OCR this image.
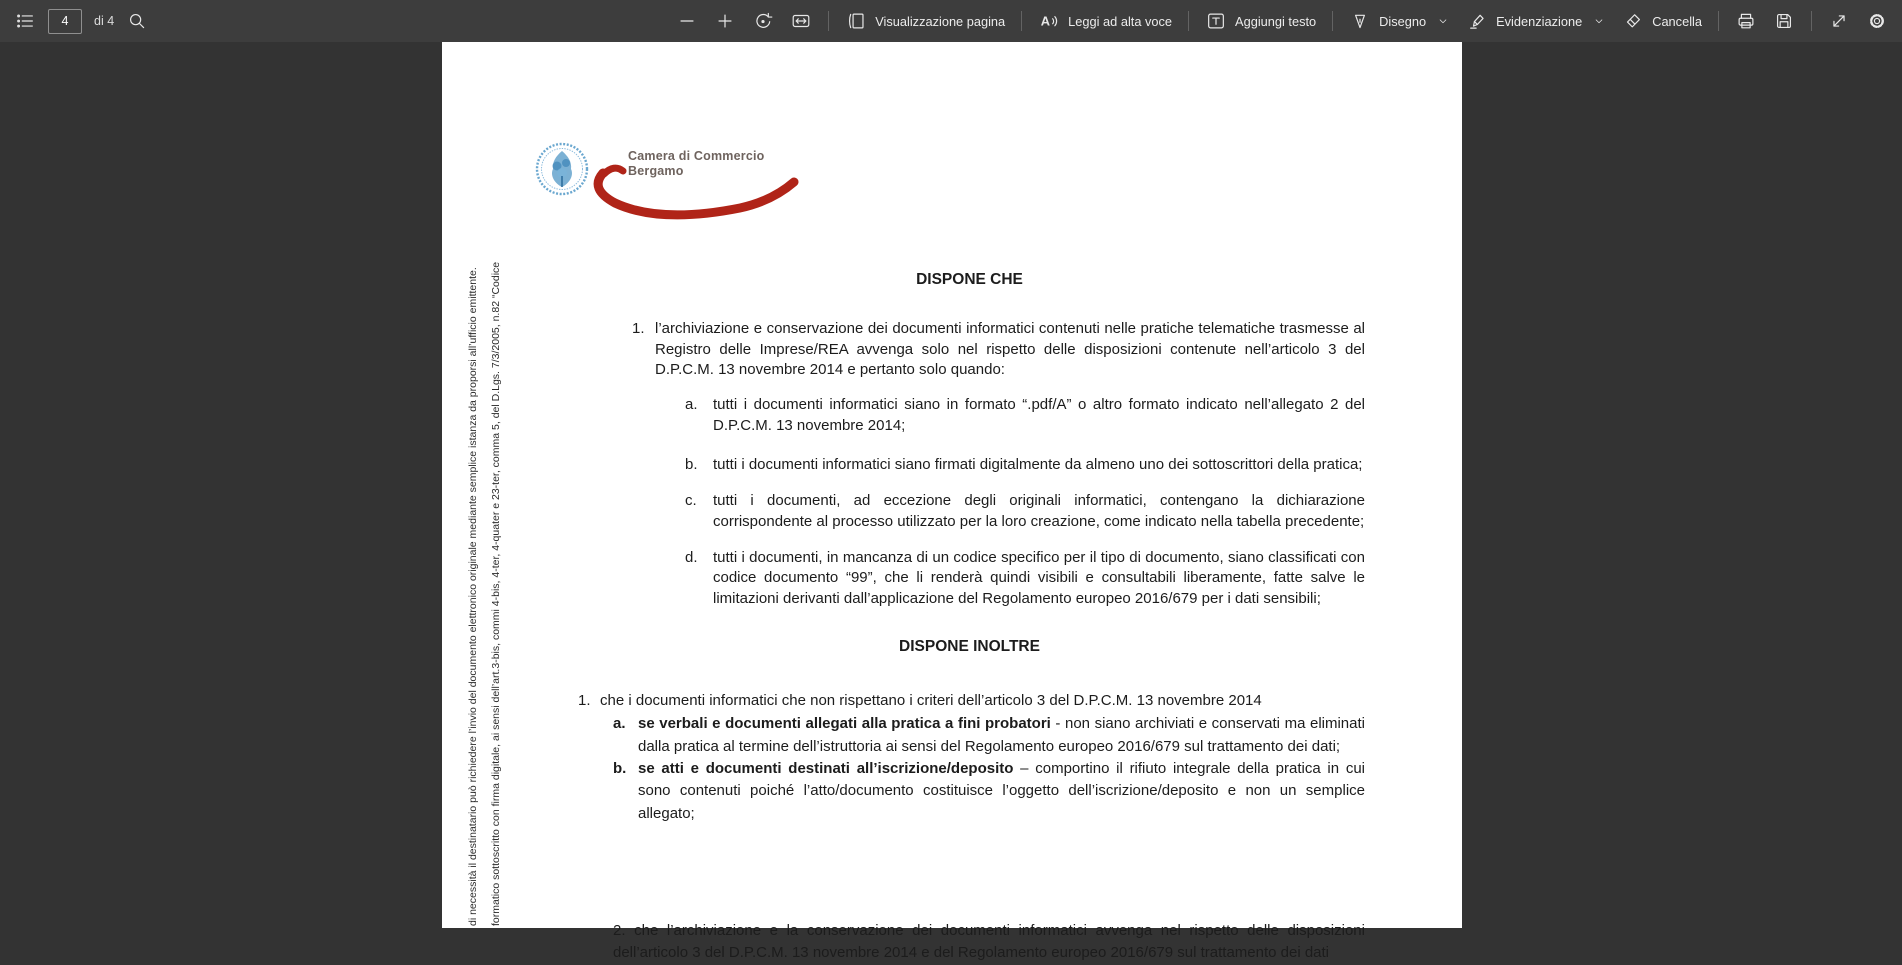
4
di 4	Visualizzazione pagina	A Leggi ad alta voce	Aggiungi testo	Disegno	Evidenziazione	Cancella
Camera di Commercio
Bergamo
di necessità il destinatario può richiedere l’invio del documento elettronico originale mediante semplice istanza da proporsi all’ufficio emittente.	formatico sottoscritto con firma digitale, ai sensi dell’art.3-bis, commi 4-bis, 4-ter, 4-quater e 23-ter, comma 5, del D.Lgs. 7/3/2005, n.82 “Codice	DISPONE CHE
1. l’archiviazione e conservazione dei documenti informatici contenuti nelle pratiche telematiche trasmesse al Registro delle Imprese/REA avvenga solo nel rispetto delle disposizioni contenute nell’articolo 3 del D.P.C.M. 13 novembre 2014 e pertanto solo quando:
a.	tutti i documenti informatici siano in formato “.pdf/A” o altro formato indicato nell’allegato 2 del D.P.C.M. 13 novembre 2014;
b.	tutti i documenti informatici siano firmati digitalmente da almeno uno dei sottoscrittori della pratica;
c.	tutti i documenti, ad eccezione degli originali informatici, contengano la dichiarazione corrispondente al processo utilizzato per la loro creazione, come indicato nella tabella precedente;
d.	tutti i documenti, in mancanza di un codice specifico per il tipo di documento, siano classificati con codice documento “99”, che li renderà quindi visibili e consultabili liberamente, fatte salve le limitazioni derivanti dall’applicazione del Regolamento europeo 2016/679 per i dati sensibili;
DISPONE INOLTRE
1. che i documenti informatici che non rispettano i criteri dell’articolo 3 del D.P.C.M. 13 novembre 2014
a. se verbali e documenti allegati alla pratica a fini probatori - non siano archiviati e conservati ma eliminati dalla pratica al termine dell’istruttoria ai sensi del Regolamento europeo 2016/679 sul trattamento dei dati;
b. se atti e documenti destinati all’iscrizione/deposito – comportino il rifiuto integrale della pratica in cui sono contenuti poiché l’atto/documento costituisce l’oggetto dell’iscrizione/deposito e non un semplice allegato;
2. che l’archiviazione e la conservazione dei documenti informatici avvenga nel rispetto delle disposizioni dell’articolo 3 del D.P.C.M. 13 novembre 2014 e del Regolamento europeo 2016/679 sul trattamento dei dati
